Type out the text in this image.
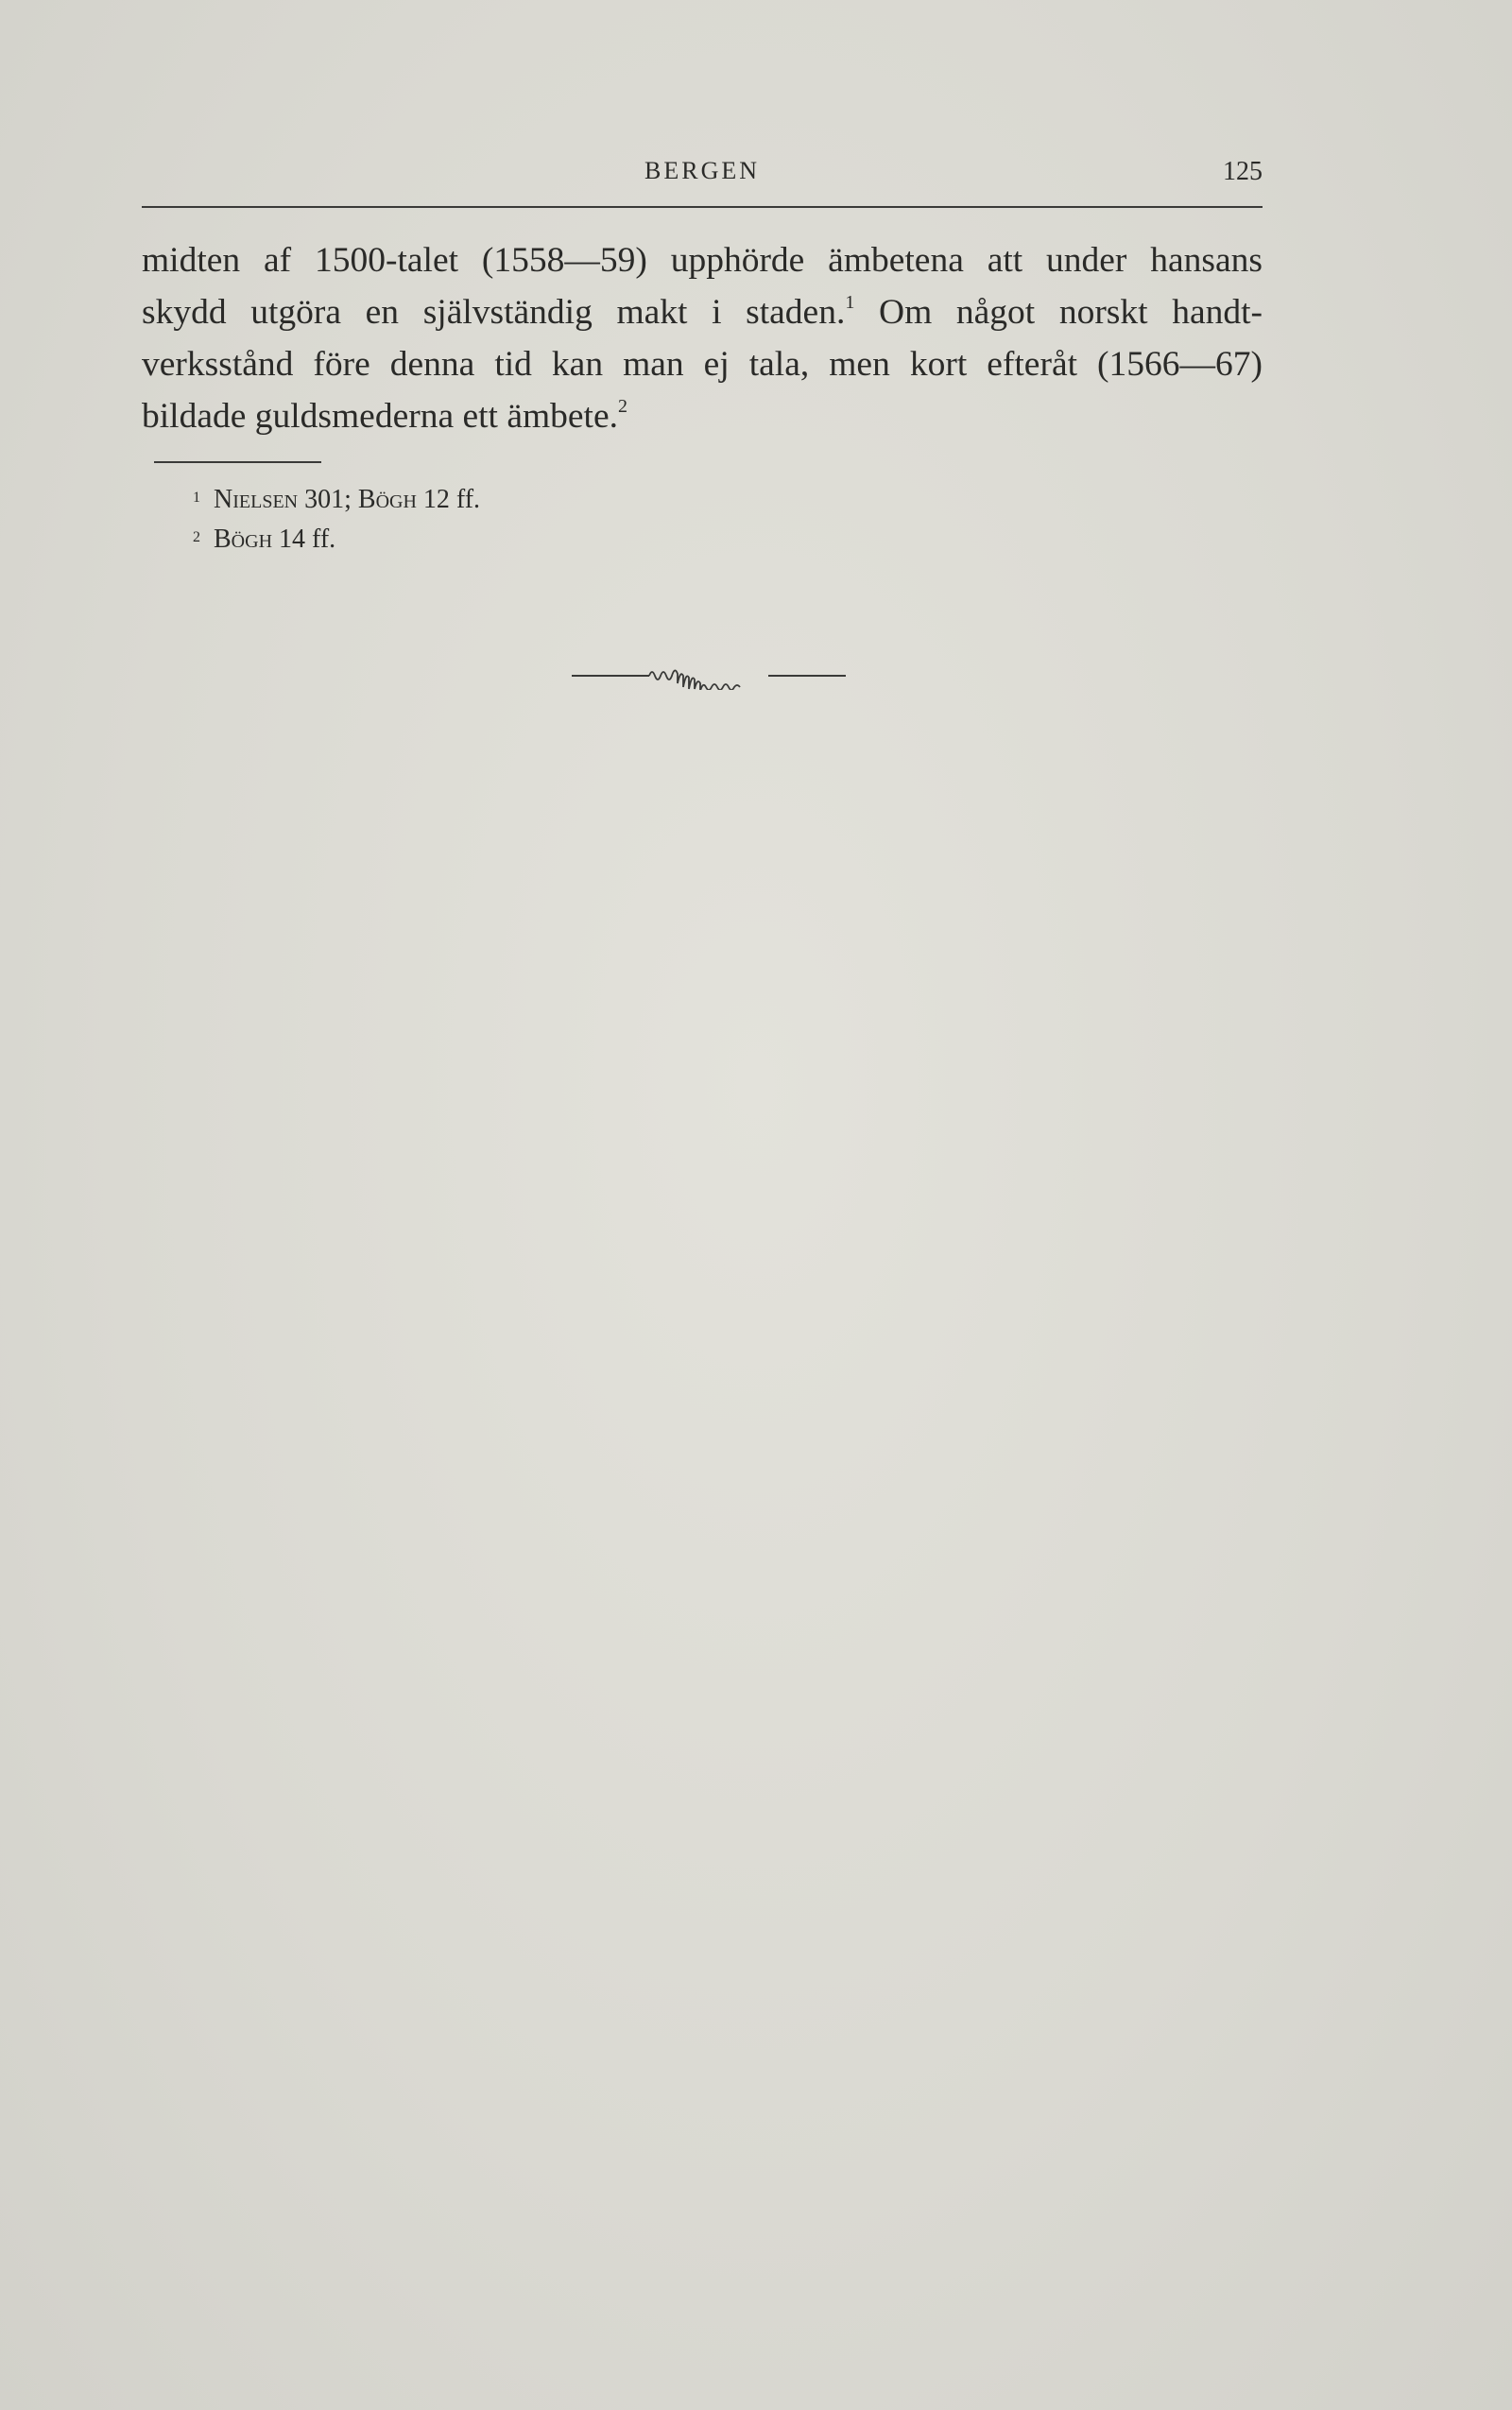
BERGEN	125
midten af 1500-talet (1558—59) upphörde ämbetena att under hansans
skydd utgöra en självständig makt i staden.$^1$ Om något norskt handt-
verksstånd före denna tid kan man ej tala, men kort efteråt (1566—67)
bildade guldsmederna ett ämbete.$^2$
1 Nielsen 301; Bögh 12 ff.
2 Bögh 14 ff.
